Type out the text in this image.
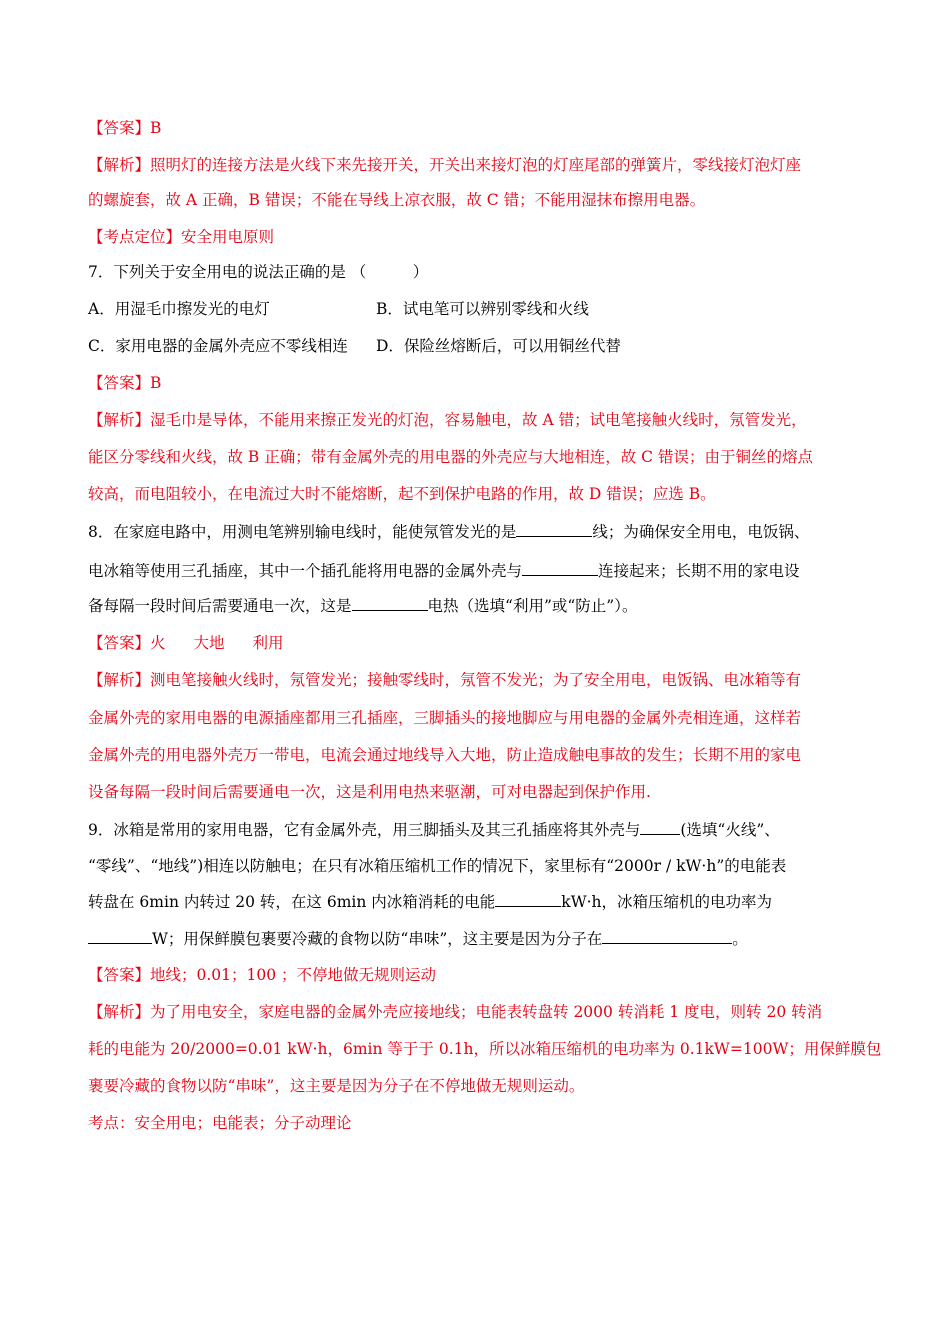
【答案】B
【解析】照明灯的连接方法是火线下来先接开关，开关出来接灯泡的灯座尾部的弹簧片，零线接灯泡灯座
的螺旋套，故 A 正确，B 错误；不能在导线上凉衣服，故 C 错；不能用湿抹布擦用电器。
【考点定位】安全用电原则
7．下列关于安全用电的说法正确的是 （　　　）
A．用湿毛巾擦发光的电灯	B．试电笔可以辨别零线和火线
C．家用电器的金属外壳应不零线相连 D．保险丝熔断后，可以用铜丝代替
【答案】B
【解析】湿毛巾是导体，不能用来擦正发光的灯泡，容易触电，故 A 错；试电笔接触火线时，氖管发光，
能区分零线和火线，故 B 正确；带有金属外壳的用电器的外壳应与大地相连，故 C 错误；由于铜丝的熔点
较高，而电阻较小，在电流过大时不能熔断，起不到保护电路的作用，故 D 错误；应选 B。
8．在家庭电路中，用测电笔辨别输电线时，能使氖管发光的是	线；为确保安全用电，电饭锅、
电冰箱等使用三孔插座，其中一个插孔能将用电器的金属外壳与	连接起来；长期不用的家电设
备每隔一段时间后需要通电一次，这是	电热（选填“利用”或“防止”）。
【答案】火 大地 利用
【解析】测电笔接触火线时，氖管发光；接触零线时，氖管不发光；为了安全用电，电饭锅、电冰箱等有
金属外壳的家用电器的电源插座都用三孔插座，三脚插头的接地脚应与用电器的金属外壳相连通，这样若
金属外壳的用电器外壳万一带电，电流会通过地线导入大地，防止造成触电事故的发生；长期不用的家电
设备每隔一段时间后需要通电一次，这是利用电热来驱潮，可对电器起到保护作用.
9．冰箱是常用的家用电器，它有金属外壳，用三脚插头及其三孔插座将其外壳与	(选填“火线”、
“零线”、“地线”)相连以防触电；在只有冰箱压缩机工作的情况下，家里标有“2000r / kW·h”的电能表
转盘在 6min 内转过 20 转，在这 6min 内冰箱消耗的电能	kW·h，冰箱压缩机的电功率为
W；用保鲜膜包裹要冷藏的食物以防“串味”，这主要是因为分子在	。
【答案】地线；0.01；100 ；不停地做无规则运动
【解析】为了用电安全，家庭电器的金属外壳应接地线；电能表转盘转 2000 转消耗 1 度电，则转 20 转消
耗的电能为 20/2000=0.01 kW·h，6min 等于于 0.1h，所以冰箱压缩机的电功率为 0.1kW=100W；用保鲜膜包
裹要冷藏的食物以防“串味”，这主要是因为分子在不停地做无规则运动。
考点：安全用电；电能表；分子动理论
